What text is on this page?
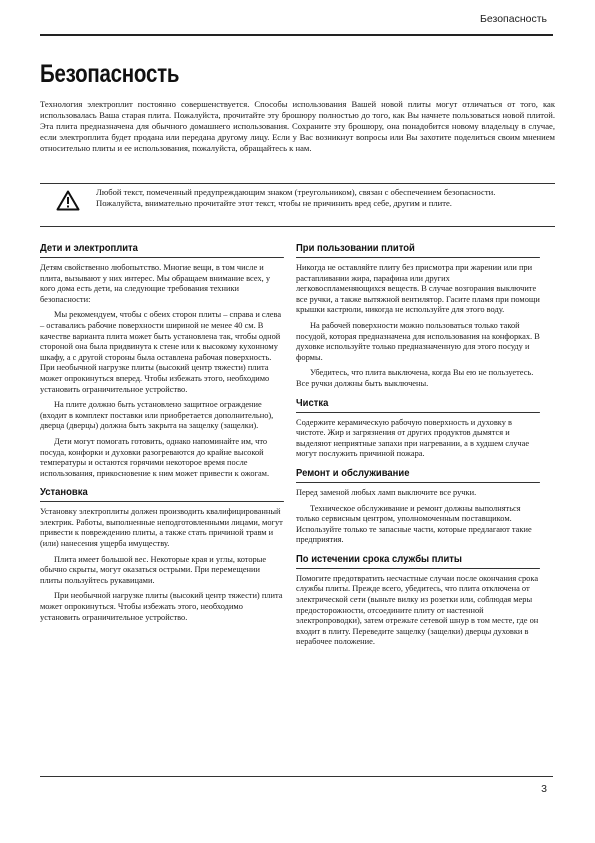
Безопасность
Безопасность

Технология электроплит постоянно совершенствуется. Способы использования Вашей новой плиты могут отличаться от того, как использовалась Ваша старая плита. Пожалуйста, прочитайте эту брошюру полностью до того, как Вы начнете пользоваться новой плитой. Эта плита предназначена для обычного домашнего использования. Сохраните эту брошюру, она понадобится новому владельцу в случае, если электроплита будет продана или передана другому лицу. Если у Вас возникнут вопросы или Вы захотите поделиться своим мнением относительно плиты и ее использования, пожалуйста, обращайтесь к нам.

Любой текст, помеченный предупреждающим знаком (треугольником), связан с обеспечением безопасности. Пожалуйста, внимательно прочитайте этот текст, чтобы не причинить вред себе, другим и плите.

Дети и электроплита

Детям свойственно любопытство. Многие вещи, в том числе и плита, вызывают у них интерес. Мы обращаем внимание всех, у кого дома есть дети, на следующие требования техники безопасности:

Мы рекомендуем, чтобы с обеих сторон плиты – справа и слева – оставались рабочие поверхности шириной не менее 40 см. В качестве варианта плита может быть установлена так, чтобы одной стороной она была придвинута к стене или к высокому кухонному шкафу, а с другой стороны была оставлена рабочая поверхность. При необычной нагрузке плиты (высокий центр тяжести) плита может опрокинуться вперед. Чтобы избежать этого, необходимо установить ограничительное устройство.

На плите должно быть установлено защитное ограждение (входит в комплект поставки или приобретается дополнительно), дверца (дверцы) должна быть закрыта на защелку (защелки).

Дети могут помогать готовить, однако напоминайте им, что посуда, конфорки и духовки разогреваются до крайне высокой температуры и остаются горячими некоторое время после использования, прикосновение к ним может привести к ожогам.

Установка

Установку электроплиты должен производить квалифицированный электрик. Работы, выполненные неподготовленными лицами, могут привести к повреждению плиты, а также стать причиной травм и (или) нанесения ущерба имуществу.

Плита имеет большой вес. Некоторые края и углы, которые обычно скрыты, могут оказаться острыми. При перемещении плиты пользуйтесь рукавицами.

При необычной нагрузке плиты (высокий центр тяжести) плита может опрокинуться. Чтобы избежать этого, необходимо установить ограничительное устройство.

При пользовании плитой

Никогда не оставляйте плиту без присмотра при жарении или при растапливании жира, парафина или других легковоспламеняющихся веществ. В случае возгорания выключите все ручки, а также вытяжной вентилятор. Гасите пламя при помощи крышки кастрюли, никогда не используйте для этого воду.

На рабочей поверхности можно пользоваться только такой посудой, которая предназначена для использования на конфорках. В духовке используйте только предназначенную для этого посуду и формы.

Убедитесь, что плита выключена, когда Вы ею не пользуетесь. Все ручки должны быть выключены.

Чистка

Содержите керамическую рабочую поверхность и духовку в чистоте. Жир и загрязнения от других продуктов дымятся и выделяют неприятные запахи при нагревании, а в худшем случае могут послужить причиной пожара.

Ремонт и обслуживание

Перед заменой любых ламп выключите все ручки.

Техническое обслуживание и ремонт должны выполняться только сервисным центром, уполномоченным поставщиком. Используйте только те запасные части, которые предлагают такие предприятия.

По истечении срока службы плиты

Помогите предотвратить несчастные случаи после окончания срока службы плиты. Прежде всего, убедитесь, что плита отключена от электрической сети (выньте вилку из розетки или, соблюдая меры предосторожности, отсоедините плиту от настенной электропроводки), затем отрежьте сетевой шнур в том месте, где он входит в плиту. Переведите защелку (защелки) дверцы духовки в нерабочее положение.

3
